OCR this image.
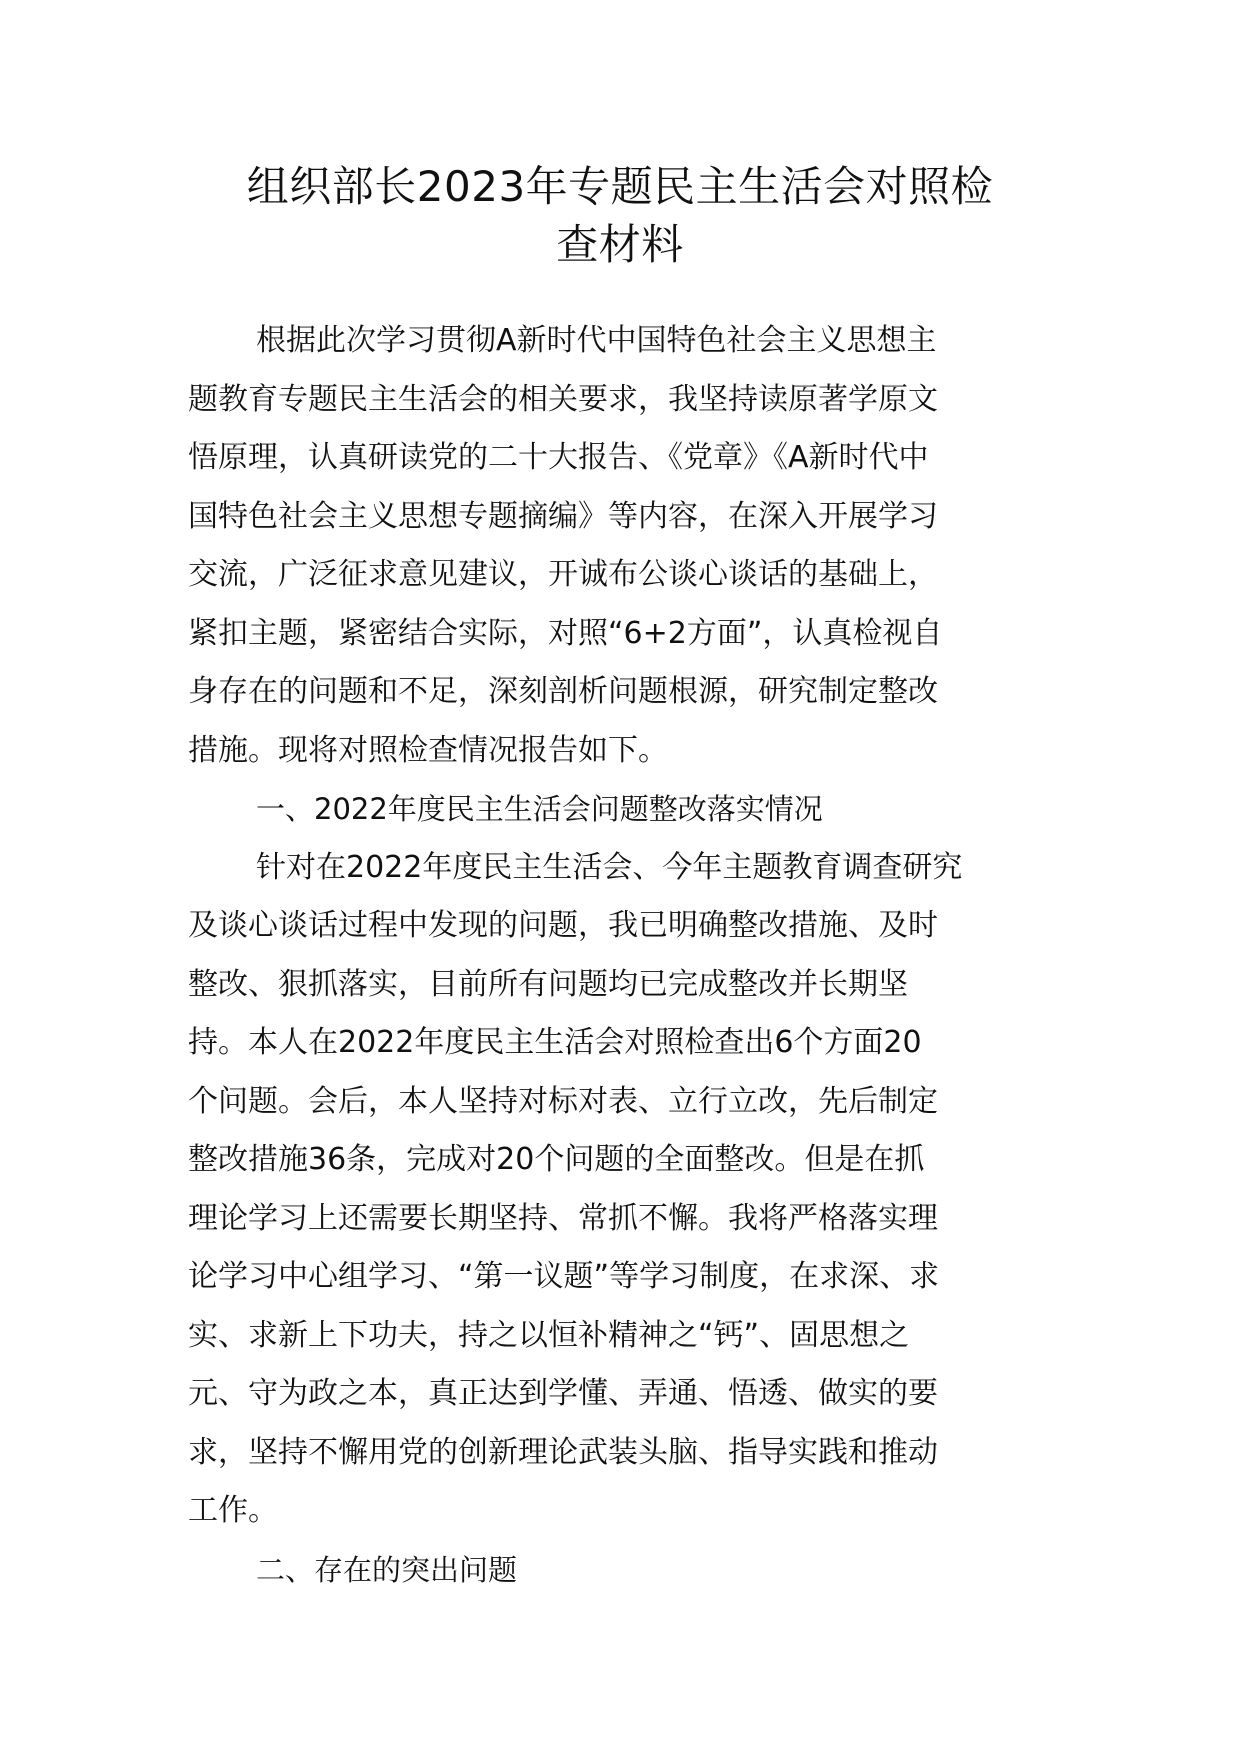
组织部长2023年专题民主生活会对照检
查材料
根据此次学习贯彻A新时代中国特色社会主义思想主
题教育专题民主生活会的相关要求，我坚持读原著学原文
悟原理，认真研读党的二十大报告、《党章》《A新时代中
国特色社会主义思想专题摘编》等内容，在深入开展学习
交流，广泛征求意见建议，开诚布公谈心谈话的基础上，
紧扣主题，紧密结合实际，对照“6+2方面”，认真检视自
身存在的问题和不足，深刻剖析问题根源，研究制定整改
措施。现将对照检查情况报告如下。
一、2022年度民主生活会问题整改落实情况
针对在2022年度民主生活会、今年主题教育调查研究
及谈心谈话过程中发现的问题，我已明确整改措施、及时
整改、狠抓落实，目前所有问题均已完成整改并长期坚
持。本人在2022年度民主生活会对照检查出6个方面20
个问题。会后，本人坚持对标对表、立行立改，先后制定
整改措施36条，完成对20个问题的全面整改。但是在抓
理论学习上还需要长期坚持、常抓不懈。我将严格落实理
论学习中心组学习、“第一议题”等学习制度，在求深、求
实、求新上下功夫，持之以恒补精神之“钙”、固思想之
元、守为政之本，真正达到学懂、弄通、悟透、做实的要
求，坚持不懈用党的创新理论武装头脑、指导实践和推动
工作。
二、存在的突出问题
